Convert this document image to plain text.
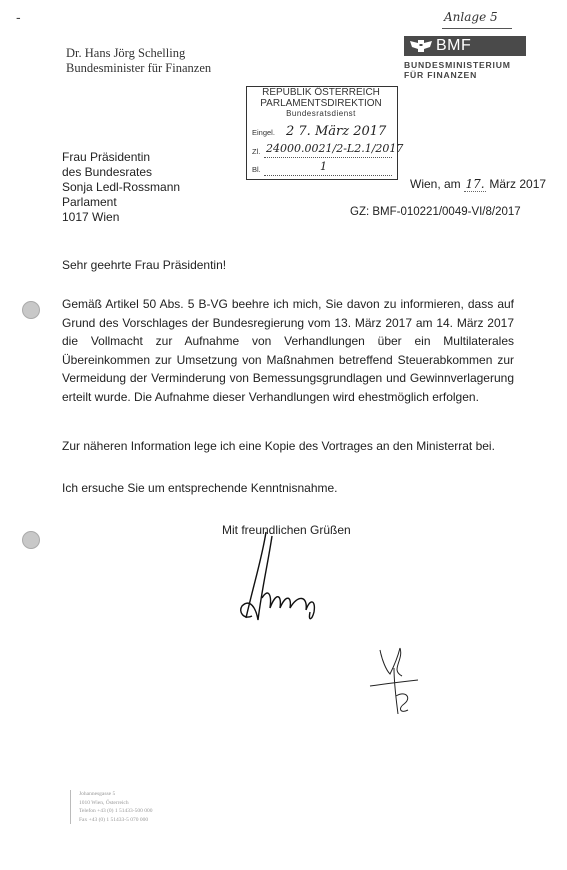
-	Anlage 5
Dr. Hans Jörg Schelling
Bundesminister für Finanzen
BMF
BUNDESMINISTERIUM
FÜR FINANZEN
REPUBLIK ÖSTERREICH
PARLAMENTSDIREKTION
Bundesratsdienst
Eingel. 2 7. März 2017
Zl. 24000.0021/2-L2.1/2017
Bl.	1
Frau Präsidentin
des Bundesrates
Sonja Ledl-Rossmann
Parlament
1017 Wien
Wien, am 17. März 2017
GZ: BMF-010221/0049-VI/8/2017
Sehr geehrte Frau Präsidentin!
Gemäß Artikel 50 Abs. 5 B-VG beehre ich mich, Sie davon zu informieren, dass auf Grund des Vorschlages der Bundesregierung vom 13. März 2017 am 14. März 2017 die Vollmacht zur Aufnahme von Verhandlungen über ein Multilaterales Übereinkommen zur Umsetzung von Maßnahmen betreffend Steuerabkommen zur Vermeidung der Verminderung von Bemessungsgrundlagen und Gewinnverlagerung erteilt wurde. Die Aufnahme dieser Verhandlungen wird ehestmöglich erfolgen.
Zur näheren Information lege ich eine Kopie des Vortrages an den Ministerrat bei.
Ich ersuche Sie um entsprechende Kenntnisnahme.
Mit freundlichen Grüßen
Johannesgasse 5
1010 Wien, Österreich
Telefon +43 (0) 1 51433-500 000
Fax +43 (0) 1 51433-5 070 000
